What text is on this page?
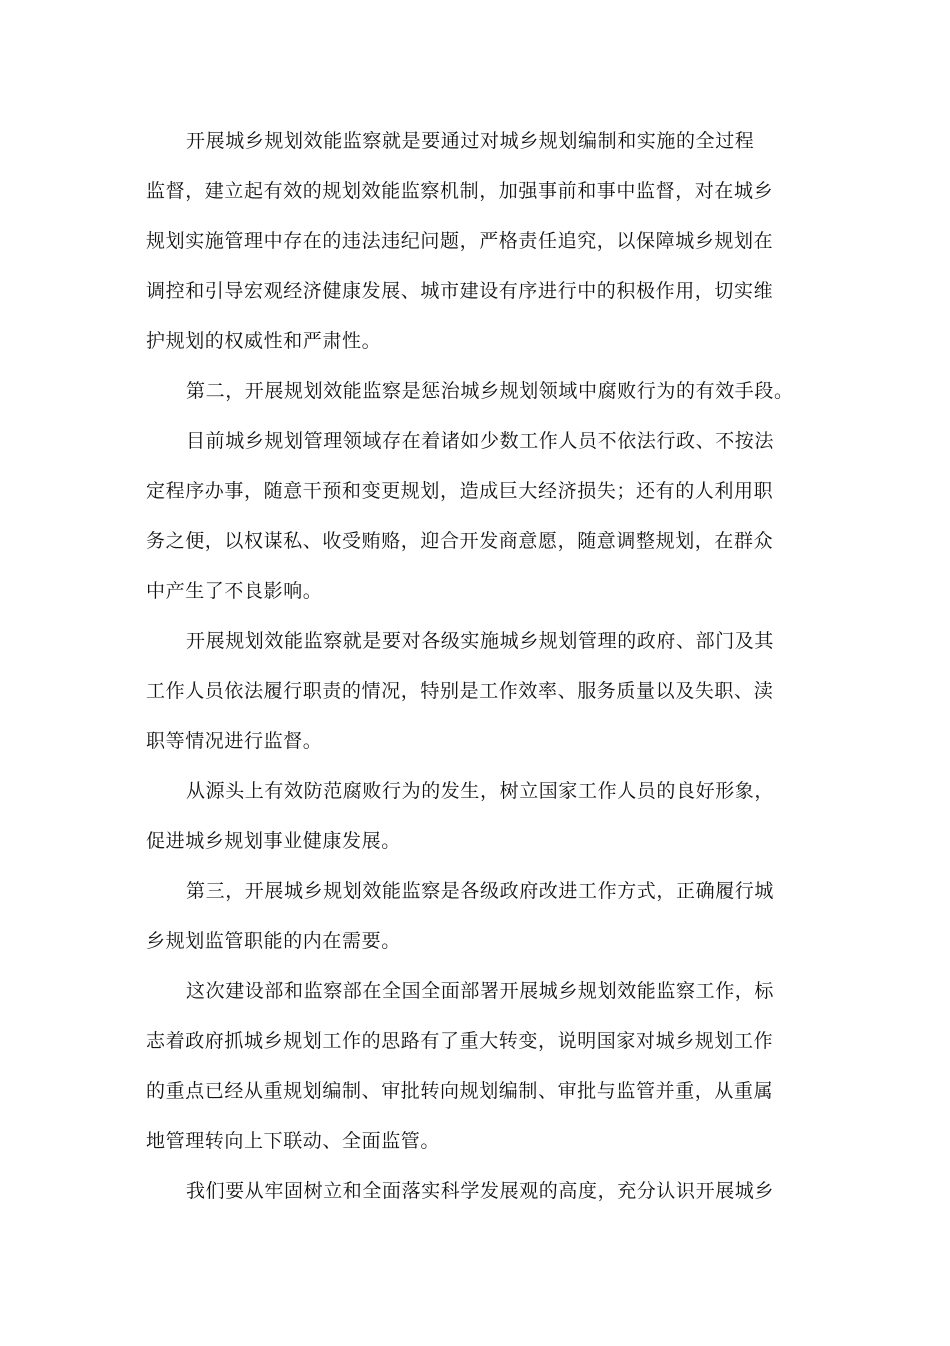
开展城乡规划效能监察就是要通过对城乡规划编制和实施的全过程

监督，建立起有效的规划效能监察机制，加强事前和事中监督，对在城乡

规划实施管理中存在的违法违纪问题，严格责任追究，以保障城乡规划在

调控和引导宏观经济健康发展、城市建设有序进行中的积极作用，切实维

护规划的权威性和严肃性。

第二，开展规划效能监察是惩治城乡规划领域中腐败行为的有效手段。

目前城乡规划管理领域存在着诸如少数工作人员不依法行政、不按法

定程序办事，随意干预和变更规划，造成巨大经济损失；还有的人利用职

务之便，以权谋私、收受贿赂，迎合开发商意愿，随意调整规划，在群众

中产生了不良影响。

开展规划效能监察就是要对各级实施城乡规划管理的政府、部门及其

工作人员依法履行职责的情况，特别是工作效率、服务质量以及失职、渎

职等情况进行监督。

从源头上有效防范腐败行为的发生，树立国家工作人员的良好形象，

促进城乡规划事业健康发展。

第三，开展城乡规划效能监察是各级政府改进工作方式，正确履行城

乡规划监管职能的内在需要。

这次建设部和监察部在全国全面部署开展城乡规划效能监察工作，标

志着政府抓城乡规划工作的思路有了重大转变，说明国家对城乡规划工作

的重点已经从重规划编制、审批转向规划编制、审批与监管并重，从重属

地管理转向上下联动、全面监管。

我们要从牢固树立和全面落实科学发展观的高度，充分认识开展城乡
